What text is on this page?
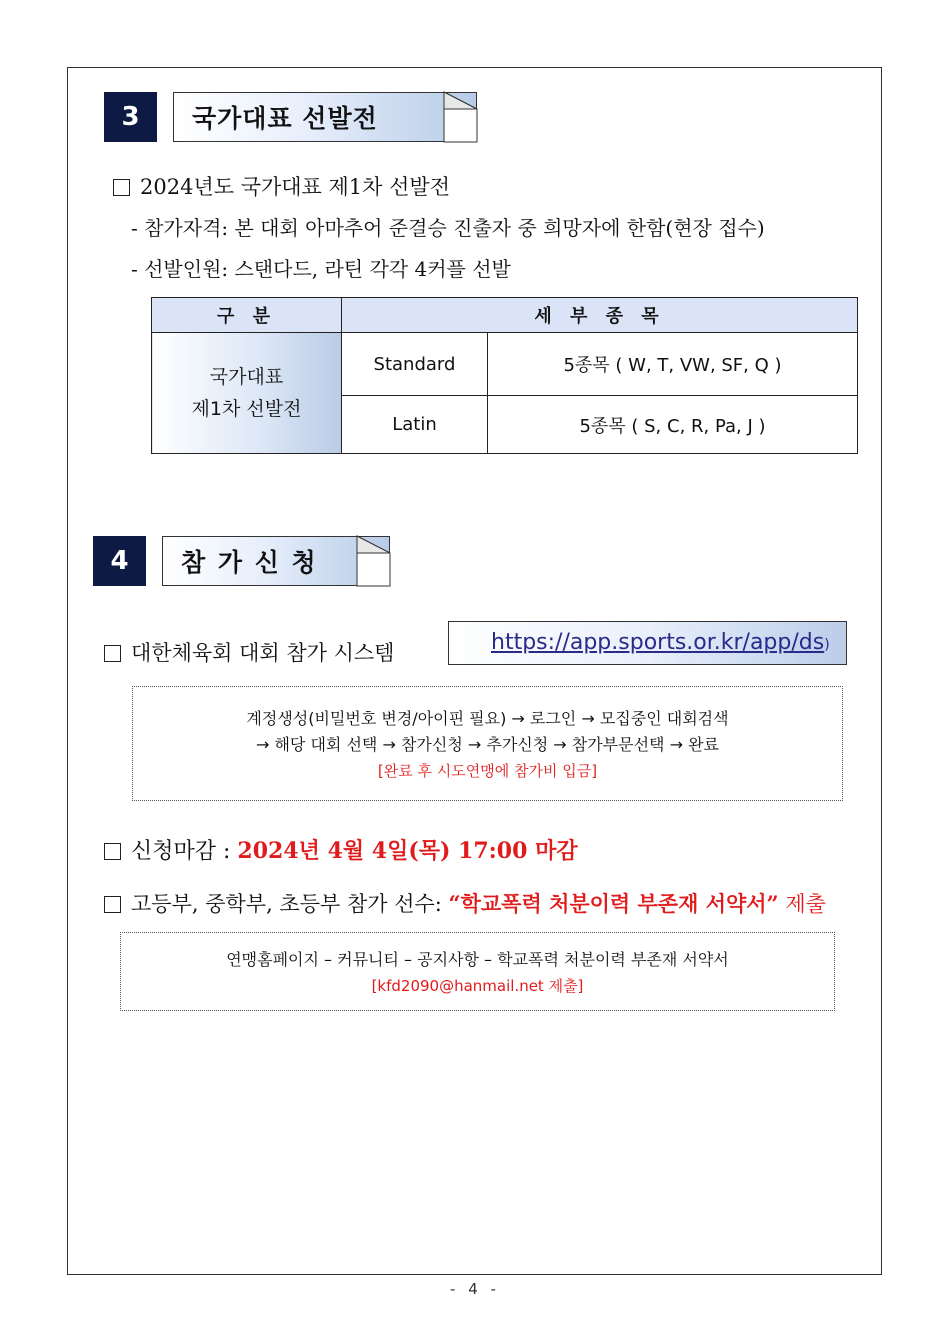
3	국가대표 선발전
2024년도 국가대표 제1차 선발전
- 참가자격: 본 대회 아마추어 준결승 진출자 중 희망자에 한함(현장 접수)
- 선발인원: 스탠다드, 라틴 각각 4커플 선발
구 분	세 부 종 목	
국가대표
제1차 선발전	Standard	5종목 ( W, T, VW, SF, Q )
	Latin	5종목 ( S, C, R, Pa, J )
4	참 가 신 청
대한체육회 대회 참가 시스템	https://app.sports.or.kr/app/ds)
계정생성(비밀번호 변경/아이핀 필요) → 로그인 → 모집중인 대회검색
→ 해당 대회 선택 → 참가신청 → 추가신청 → 참가부문선택 → 완료
[완료 후 시도연맹에 참가비 입금]
신청마감 : 2024년 4월 4일(목) 17:00 마감
고등부, 중학부, 초등부 참가 선수: “학교폭력 처분이력 부존재 서약서” 제출
연맹홈페이지 – 커뮤니티 – 공지사항 – 학교폭력 처분이력 부존재 서약서
[kfd2090@hanmail.net 제출]
- 4 -
